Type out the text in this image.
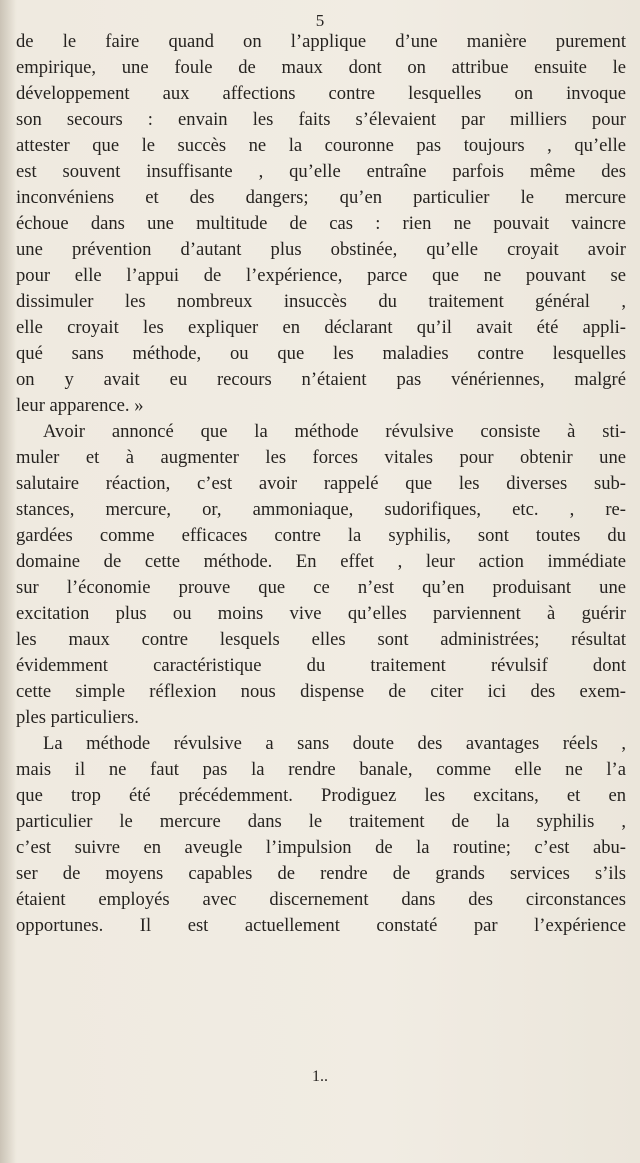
5
de le faire quand on l’applique d’une manière purement
empirique, une foule de maux dont on attribue ensuite le
développement aux affections contre lesquelles on invoque
son secours : envain les faits s’élevaient par milliers pour
attester que le succès ne la couronne pas toujours , qu’elle
est souvent insuffisante , qu’elle entraîne parfois même des
inconvéniens et des dangers; qu’en particulier le mercure
échoue dans une multitude de cas : rien ne pouvait vaincre
une prévention d’autant plus obstinée, qu’elle croyait avoir
pour elle l’appui de l’expérience, parce que ne pouvant se
dissimuler les nombreux insuccès du traitement général ,
elle croyait les expliquer en déclarant qu’il avait été appli-
qué sans méthode, ou que les maladies contre lesquelles
on y avait eu recours n’étaient pas vénériennes, malgré
leur apparence. »
Avoir annoncé que la méthode révulsive consiste à sti-
muler et à augmenter les forces vitales pour obtenir une
salutaire réaction, c’est avoir rappelé que les diverses sub-
stances, mercure, or, ammoniaque, sudorifiques, etc. , re-
gardées comme efficaces contre la syphilis, sont toutes du
domaine de cette méthode. En effet , leur action immédiate
sur l’économie prouve que ce n’est qu’en produisant une
excitation plus ou moins vive qu’elles parviennent à guérir
les maux contre lesquels elles sont administrées; résultat
évidemment caractéristique du traitement révulsif dont
cette simple réflexion nous dispense de citer ici des exem-
ples particuliers.
La méthode révulsive a sans doute des avantages réels ,
mais il ne faut pas la rendre banale, comme elle ne l’a
que trop été précédemment. Prodiguez les excitans, et en
particulier le mercure dans le traitement de la syphilis ,
c’est suivre en aveugle l’impulsion de la routine; c’est abu-
ser de moyens capables de rendre de grands services s’ils
étaient employés avec discernement dans des circonstances
opportunes. Il est actuellement constaté par l’expérience
1..
